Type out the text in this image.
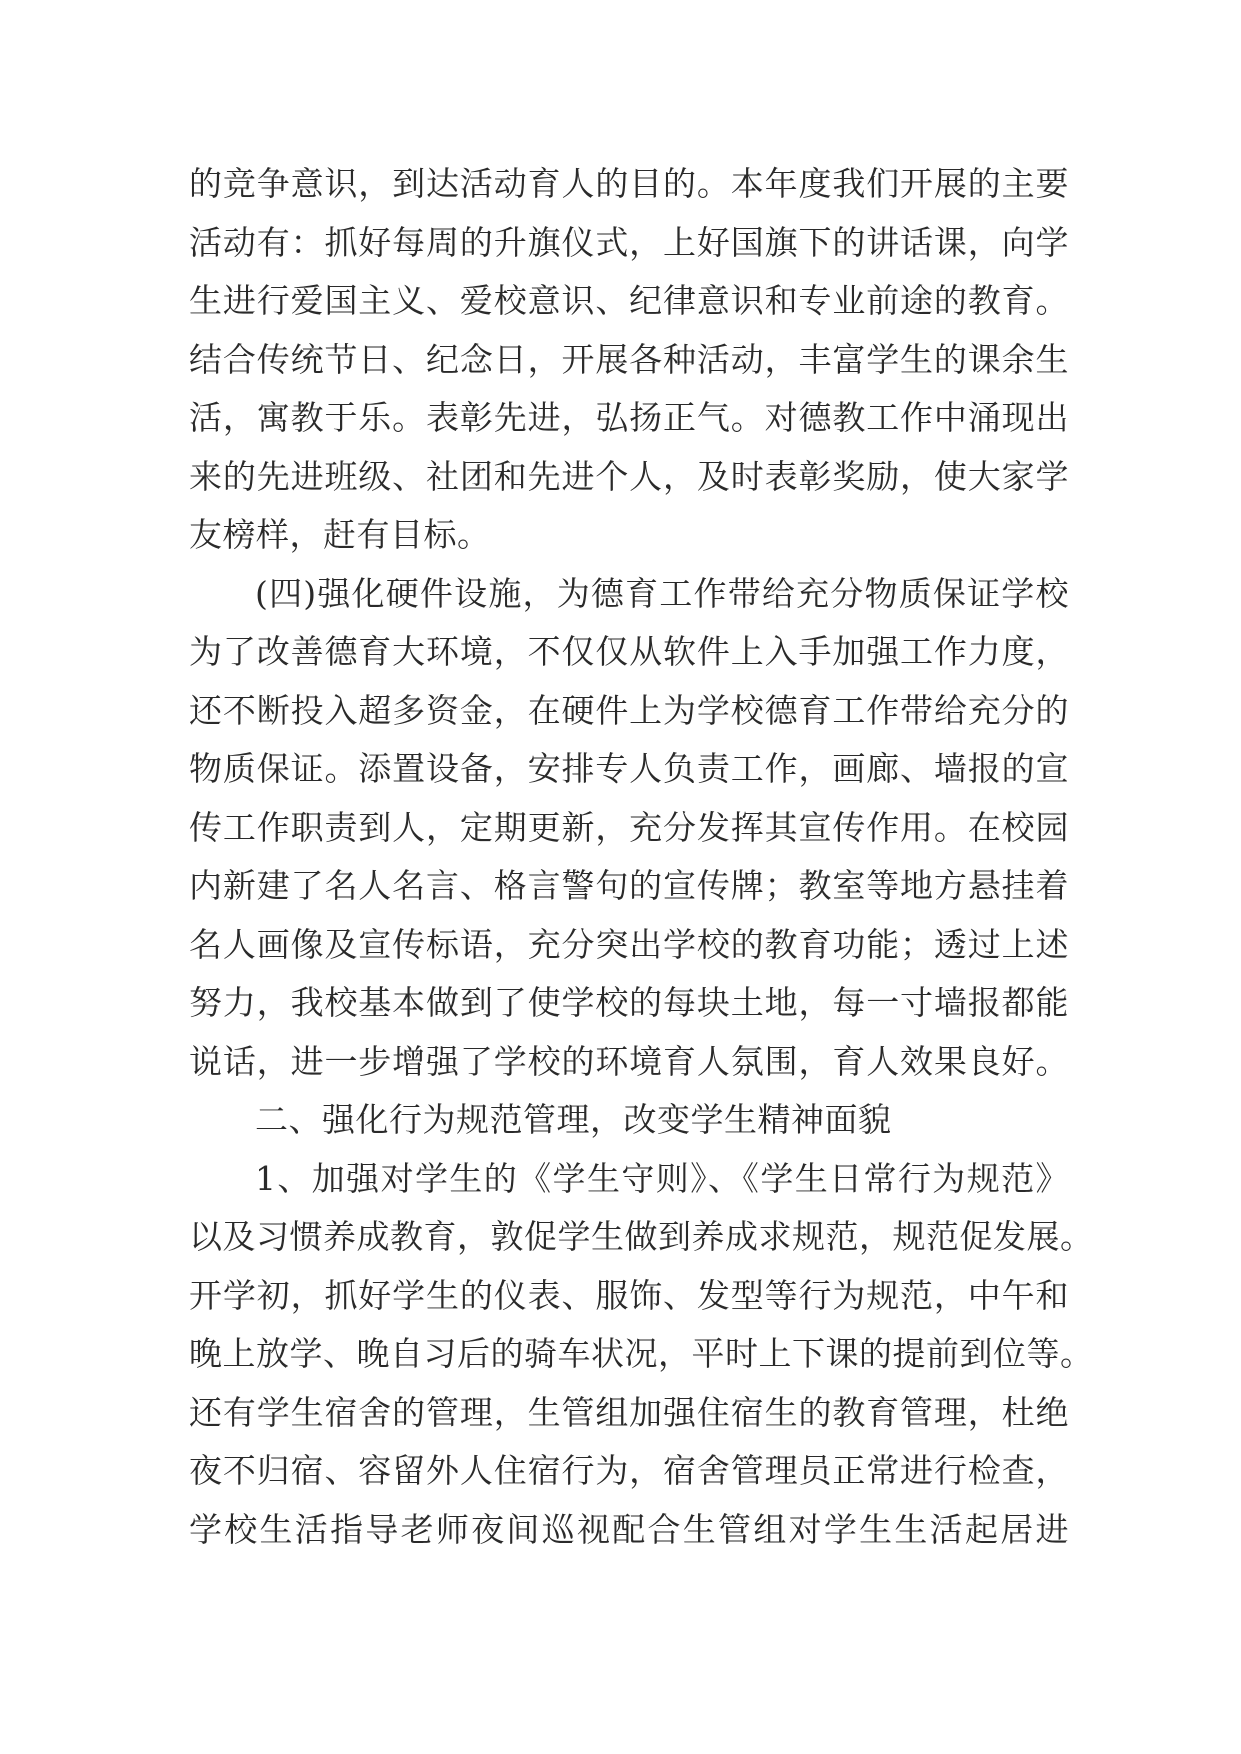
的竞争意识，到达活动育人的目的。本年度我们开展的主要
活动有：抓好每周的升旗仪式，上好国旗下的讲话课，向学
生进行爱国主义、爱校意识、纪律意识和专业前途的教育。
结合传统节日、纪念日，开展各种活动，丰富学生的课余生
活，寓教于乐。表彰先进，弘扬正气。对德教工作中涌现出
来的先进班级、社团和先进个人，及时表彰奖励，使大家学
友榜样，赶有目标。
(四)强化硬件设施，为德育工作带给充分物质保证学校
为了改善德育大环境，不仅仅从软件上入手加强工作力度，
还不断投入超多资金，在硬件上为学校德育工作带给充分的
物质保证。添置设备，安排专人负责工作，画廊、墙报的宣
传工作职责到人，定期更新，充分发挥其宣传作用。在校园
内新建了名人名言、格言警句的宣传牌；教室等地方悬挂着
名人画像及宣传标语，充分突出学校的教育功能；透过上述
努力，我校基本做到了使学校的每块土地，每一寸墙报都能
说话，进一步增强了学校的环境育人氛围，育人效果良好。
二、强化行为规范管理，改变学生精神面貌
1、加强对学生的《学生守则》、《学生日常行为规范》
以及习惯养成教育，敦促学生做到养成求规范，规范促发展。
开学初，抓好学生的仪表、服饰、发型等行为规范，中午和
晚上放学、晚自习后的骑车状况，平时上下课的提前到位等。
还有学生宿舍的管理，生管组加强住宿生的教育管理，杜绝
夜不归宿、容留外人住宿行为，宿舍管理员正常进行检查，
学校生活指导老师夜间巡视配合生管组对学生生活起居进
